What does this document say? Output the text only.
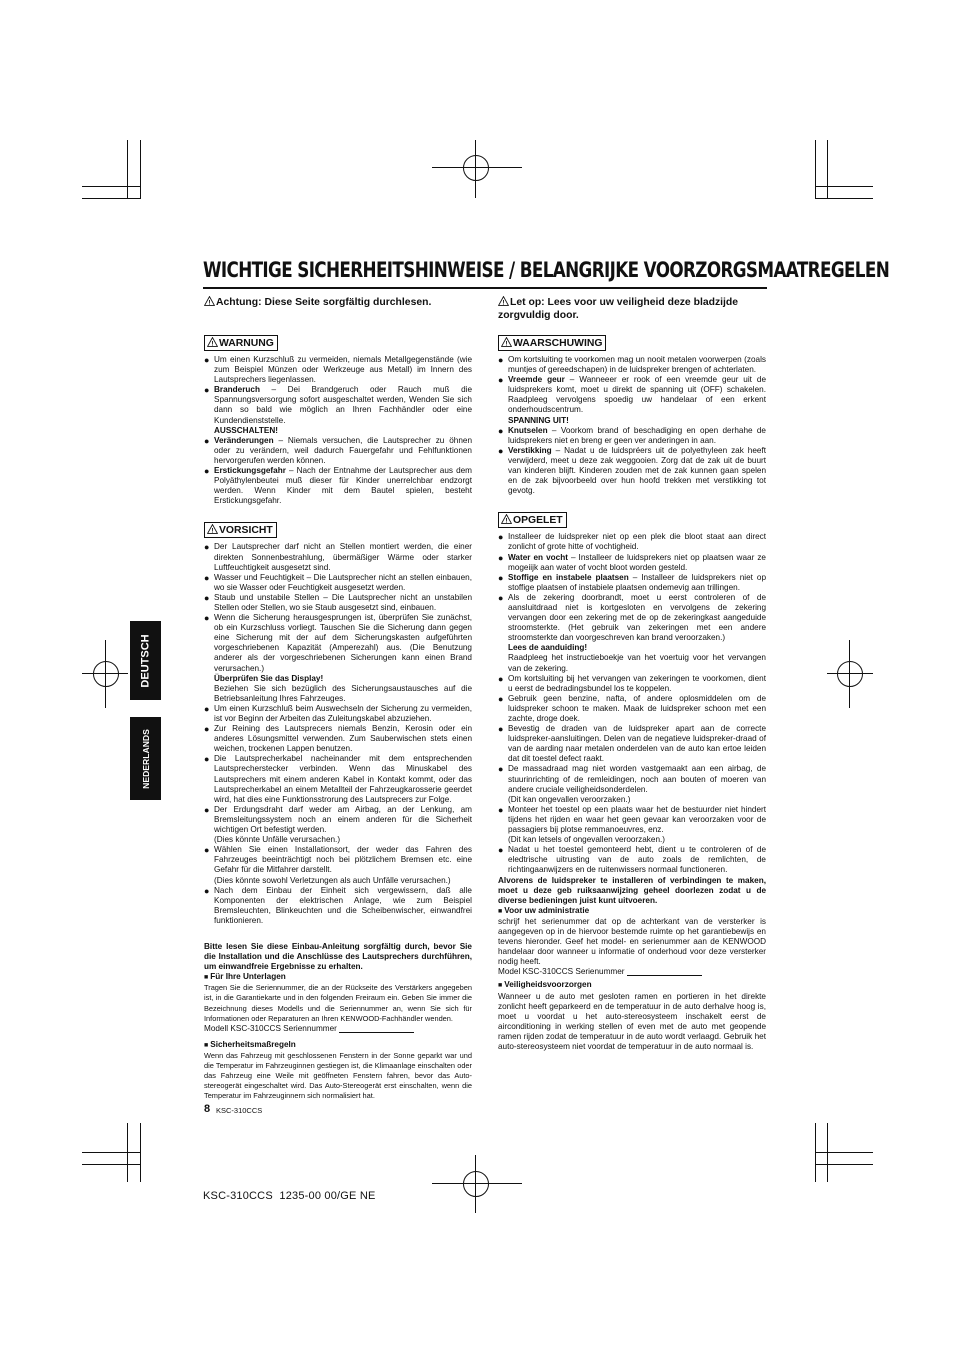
DEUTSCH
NEDERLANDS
WICHTIGE SICHERHEITSHINWEISE / BELANGRIJKE VOORZORGSMAATREGELEN
! Achtung: Diese Seite sorgfältig durchlesen.
! WARNUNG
● Um einen Kurzschluß zu vermeiden, niemals Metallgegenstände (wie zum Beispiel Münzen oder Werkzeuge aus Metall) im Innern des Lautsprechers liegenlassen.
● Branderuch – Dei Brandgeruch oder Rauch muß die Spannungsversorgung sofort ausgeschaltet werden, Wenden Sie sich dann so bald wie möglich an Ihren Fachhändler oder eine Kundendienststelle.
AUSSCHALTEN!
● Veränderungen – Niemals versuchen, die Lautsprecher zu öhnen oder zu verändern, weil dadurch Fauergefahr und Fehlfunktionen hervorgerufen werden können.
● Erstickungsgefahr – Nach der Entnahme der Lautsprecher aus dem Polyäthylenbeutei muß dieser für Kinder unerrelchbar endzorgt werden. Wenn Kinder mit dem Bautel spielen, besteht Erstickungsgefahr.
! VORSICHT
● Der Lautsprecher darf nicht an Stellen montiert werden, die einer direkten Sonnenbestrahlung, übermäßiger Wärme oder starker Luftfeuchtigkeit ausgesetzt sind.
● Wasser und Feuchtigkeit – Die Lautsprecher nicht an stellen einbauen, wo sie Wasser oder Feuchtigkeit ausgesetzt werden.
● Staub und unstabile Stellen – Die Lautsprecher nicht an unstabilen Stellen oder Stellen, wo sie Staub ausgesetzt sind, einbauen.
● Wenn die Sicherung herausgesprungen ist, überprüfen Sie zunächst, ob ein Kurzschluss vorliegt. Tauschen Sie die Sicherung dann gegen eine Sicherung mit der auf dem Sicherungskasten aufgeführten vorgeschriebenen Kapazität (Amperezahl) aus. (Die Benutzung anderer als der vorgeschriebenen Sicherungen kann einen Brand verursachen.)
Überprüfen Sie das Display!
Beziehen Sie sich bezüglich des Sicherungsaustausches auf die Betriebsanleitung Ihres Fahrzeuges.
● Um einen Kurzschluß beim Auswechseln der Sicherung zu vermeiden, ist vor Beginn der Arbeiten das Zuleitungskabel abzuziehen.
● Zur Reining des Lautsprecers niemals Benzin, Kerosin oder ein anderes Lösungsmittel verwenden. Zum Sauberwischen stets einen weichen, trockenen Lappen benutzen.
● Die Lautsprecherkabel nacheinander mit dem entsprechenden Lautsprecherstecker verbinden. Wenn das Minuskabel des Lautsprechers mit einem anderen Kabel in Kontakt kommt, oder das Lautsprecherkabel an einem Metallteil der Fahrzeugkarosserie geerdet wird, hat dies eine Funktionsstrorung des Lautsprecers zur Folge.
● Der Erdungsdraht darf weder am Airbag, an der Lenkung, am Bremsleitungssystem noch an einem anderen für die Sicherheit wichtigen Ort befestigt werden.
(Dies könnte Unfälle verursachen.)
● Wählen Sie einen Installationsort, der weder das Fahren des Fahrzeuges beeinträchtigt noch bei plötzlichem Bremsen etc. eine Gefahr für die Mitfahrer darstellt.
(Dies könnte sowohl Verletzungen als auch Unfälle verursachen.)
● Nach dem Einbau der Einheit sich vergewissern, daß alle Komponenten der elektrischen Anlage, wie zum Beispiel Bremsleuchten, Blinkeuchten und die Scheibenwischer, einwandfrei funktionieren.

Bitte lesen Sie diese Einbau-Anleitung sorgfältig durch, bevor Sie die Installation und die Anschlüsse des Lautsprechers durchführen, um einwandfreie Ergebnisse zu erhalten.

■ Für Ihre Unterlagen

Tragen Sie die Seriennummer, die an der Rückseite des Verstärkers angegeben ist, in die Garantiekarte und in den folgenden Freiraum ein. Geben Sie immer die Bezeichnung dieses Modells und die Seriennummer an, wenn Sie sich für Informationen oder Reparaturen an Ihren KENWOOD-Fachhändler wenden.

Modell KSC-310CCS Seriennummer

■ Sicherheitsmaßregeln

Wenn das Fahrzeug mit geschlossenen Fenstern in der Sonne geparkt war und die Temperatur im Fahrzeuginnen gestiegen ist, die Klimaanlage einschalten oder das Fahrzeug eine Weile mit geöffneten Fenstern fahren, bevor das Auto-stereogerät eingeschaltet wird. Das Auto-Stereogerät erst einschalten, wenn die Temperatur im Fahrzeuginnern sich normalisiert hat.

! Let op: Lees voor uw veiligheid deze bladzijde zorgvuldig door.
! WAARSCHUWING
● Om kortsluiting te voorkomen mag un nooit metalen voorwerpen (zoals muntjes of gereedschapen) in de luidspreker brengen of achterlaten.
● Vreemde geur – Wanneeer er rook of een vreemde geur uit de luidsprekers komt, moet u direkt de spanning uit (OFF) schakelen. Raadpleeg vervolgens spoedig uw handelaar of een erkent onderhoudscentrum.
SPANNING UIT!
● Knutselen – Voorkom brand of beschadiging en open derhahe de luidsprekers niet en breng er geen ver anderingen in aan.
● Verstikking – Nadat u de luidspréers uit de polyethyleen zak heeft verwijderd, meet u deze zak weggooien. Zorg dat de zak uit de buurt van kinderen blijft. Kinderen zouden met de zak kunnen gaan spelen en de zak bijvoorbeeld over hun hoofd trekken met verstikking tot gevotg.
! OPGELET
● Installeer de luidspreker niet op een plek die bloot staat aan direct zonlicht of grote hitte of vochtigheid.
● Water en vocht – Installeer de luidsprekers niet op plaatsen waar ze mogeiijk aan water of vocht bloot worden gesteld.
● Stoffige en instabele plaatsen – Installeer de luidsprekers niet op stoffige plaatsen of instabiele plaatsen ondemevig aan trillingen.
● Als de zekering doorbrandt, moet u eerst controleren of de aansluitdraad niet is kortgesloten en vervolgens de zekering vervangen door een zekering met de op de zekeringkast aangeduide stroomsterkte. (Het gebruik van zekeringen met een andere stroomsterkte dan voorgeschreven kan brand veroorzaken.)
Lees de aanduiding!
Raadpleeg het instructieboekje van het voertuig voor het vervangen van de zekering.
● Om kortsluiting bij het vervangen van zekeringen te voorkomen, dient u eerst de bedradingsbundel los te koppelen.
● Gebruik geen benzine, nafta, of andere oplosmiddelen om de luidspreker schoon te maken. Maak de luidspreker schoon met een zachte, droge doek.
● Bevestig de draden van de luidspreker apart aan de correcte luidspreker-aansluitingen. Delen van de negatieve luidspreker-draad of van de aarding naar metalen onderdelen van de auto kan ertoe leiden dat dit toestel defect raakt.
● De massadraad mag niet worden vastgemaakt aan een airbag, de stuurinrichting of de remleidingen, noch aan bouten of moeren van andere cruciale veiligheidsonderdelen.
(Dit kan ongevallen veroorzaken.)
● Monteer het toestel op een plaats waar het de bestuurder niet hindert tijdens het rijden en waar het geen gevaar kan veroorzaken voor de passagiers bij plotse remmanoeuvres, enz.
(Dit kan letsels of ongevallen veroorzaken.)
● Nadat u het toestel gemonteerd hebt, dient u te controleren of de eledtrische uitrusting van de auto zoals de remlichten, de richtingaanwijzers en de ruitenwissers normaal functioneren.

Alvorens de luidspreker te installeren of verbindingen te maken, moet u deze geb ruiksaanwijzing geheel doorlezen zodat u de diverse bedieningen juist kunt uitvoeren.

■ Voor uw administratie

schrijf het serienummer dat op de achterkant van de versterker is aangegeven op in de hiervoor bestemde ruimte op het garantiebewijs en tevens hieronder. Geef het model- en serienummer aan de KENWOOD handelaar door wanneer u informatie of onderhoud voor deze versterker nodig heeft.

Model KSC-310CCS Serienummer

■ Veiligheidsvoorzorgen

Wanneer u de auto met gesloten ramen en portieren in het direkte zonlicht heeft geparkeerd en de temperatuur in de auto derhalve hoog is, moet u voordat u het auto-stereosysteem inschakelt eerst de airconditioning in werking stellen of even met de auto met geopende ramen rijden zodat de temperatuur in de auto wordt verlaagd. Gebruik het auto-stereosysteem niet voordat de temperatuur in de auto normaal is.

8 KSC-310CCS
KSC-310CCS  1235-00 00/GE NE
